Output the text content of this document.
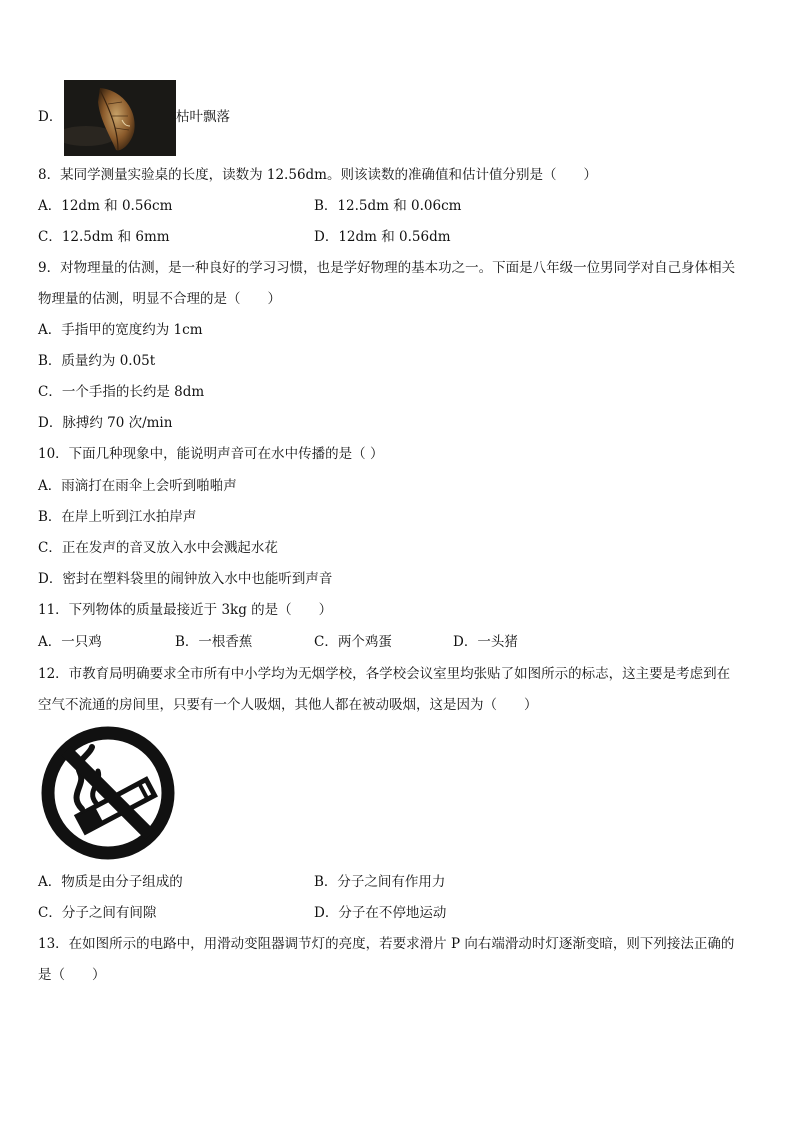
D．	枯叶飘落
8．某同学测量实验桌的长度，读数为 12.56dm。则该读数的准确值和估计值分别是（　　）
A．12dm 和 0.56cm	B．12.5dm 和 0.06cm
C．12.5dm 和 6mm	D．12dm 和 0.56dm
9．对物理量的估测，是一种良好的学习习惯，也是学好物理的基本功之一。下面是八年级一位男同学对自己身体相关
物理量的估测，明显不合理的是（　　）
A．手指甲的宽度约为 1cm
B．质量约为 0.05t
C．一个手指的长约是 8dm
D．脉搏约 70 次/min
10．下面几种现象中，能说明声音可在水中传播的是（ ）
A．雨滴打在雨伞上会听到啪啪声
B．在岸上听到江水拍岸声
C．正在发声的音叉放入水中会溅起水花
D．密封在塑料袋里的闹钟放入水中也能听到声音
11．下列物体的质量最接近于 3kg 的是（　　）
A．一只鸡	B．一根香蕉	C．两个鸡蛋	D．一头猪
12．市教育局明确要求全市所有中小学均为无烟学校，各学校会议室里均张贴了如图所示的标志，这主要是考虑到在
空气不流通的房间里，只要有一个人吸烟，其他人都在被动吸烟，这是因为（　　）
A．物质是由分子组成的	B．分子之间有作用力
C．分子之间有间隙	D．分子在不停地运动
13．在如图所示的电路中，用滑动变阻器调节灯的亮度，若要求滑片 P 向右端滑动时灯逐渐变暗，则下列接法正确的
是（　　）
